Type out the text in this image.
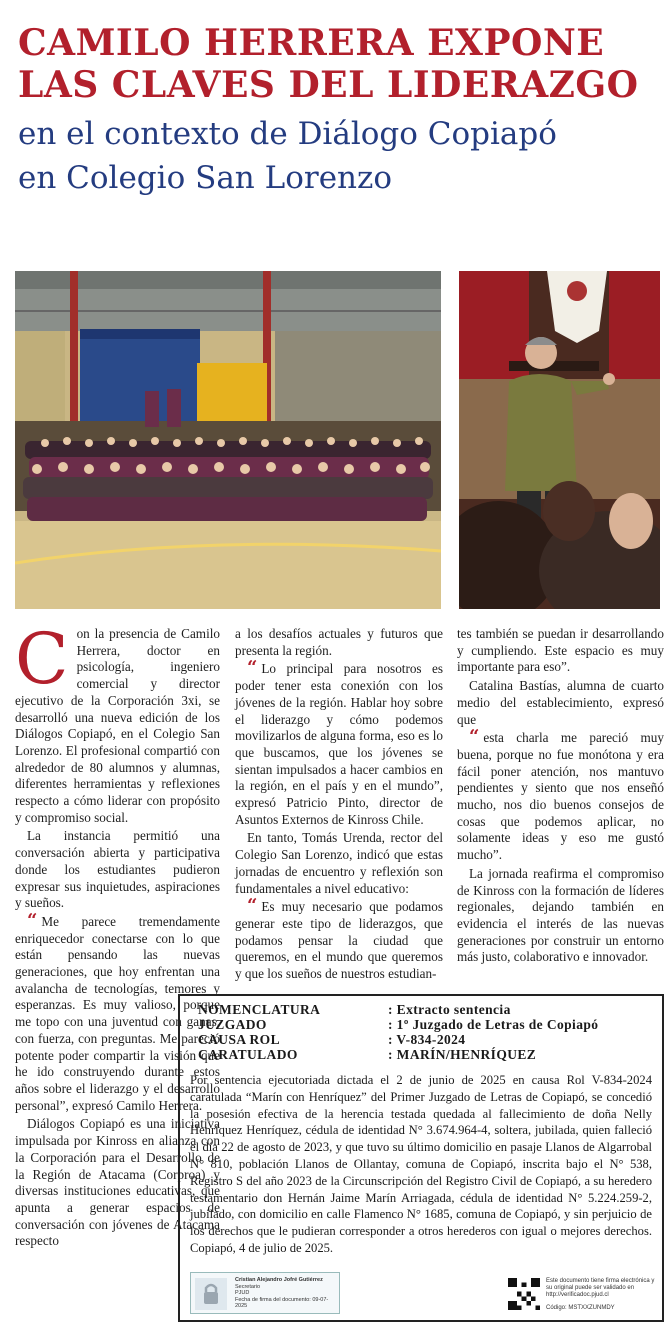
CAMILO HERRERA EXPONE
LAS CLAVES DEL LIDERAZGO
en el contexto de Diálogo Copiapó
en Colegio San Lorenzo

Con la presencia de Camilo Herrera, doctor en psicología, ingeniero comercial y director ejecutivo de la Corporación 3xi, se desarrolló una nueva edición de los Diálogos Copiapó, en el Colegio San Lorenzo. El profesional compartió con alrededor de 80 alumnos y alumnas, diferentes herramientas y reflexiones respecto a cómo liderar con propósito y compromiso social.

La instancia permitió una conversación abierta y participativa donde los estudiantes pudieron expresar sus inquietudes, aspiraciones y sueños.

“ Me parece tremendamente enriquecedor conectarse con lo que están pensando las nuevas generaciones, que hoy enfrentan una avalancha de tecnologías, temores y esperanzas. Es muy valioso, porque me topo con una juventud con ganas, con fuerza, con preguntas. Me pareció potente poder compartir la visión que he ido construyendo durante estos años sobre el liderazgo y el desarrollo personal”, expresó Camilo Herrera.

Diálogos Copiapó es una iniciativa impulsada por Kinross en alianza con la Corporación para el Desarrollo de la Región de Atacama (Corproa) y diversas instituciones educativas, que apunta a generar espacios de conversación con jóvenes de Atacama respecto

a los desafíos actuales y futuros que presenta la región.

“ Lo principal para nosotros es poder tener esta conexión con los jóvenes de la región. Hablar hoy sobre el liderazgo y cómo podemos movilizarlos de alguna forma, eso es lo que buscamos, que los jóvenes se sientan impulsados a hacer cambios en la región, en el país y en el mundo”, expresó Patricio Pinto, director de Asuntos Externos de Kinross Chile.

En tanto, Tomás Urenda, rector del Colegio San Lorenzo, indicó que estas jornadas de encuentro y reflexión son fundamentales a nivel educativo:

“ Es muy necesario que podamos generar este tipo de liderazgos, que podamos pensar la ciudad que queremos, en el mundo que queremos y que los sueños de nuestros estudian-

tes también se puedan ir desarrollando y cumpliendo. Este espacio es muy importante para eso”.

Catalina Bastías, alumna de cuarto medio del establecimiento, expresó que

“ esta charla me pareció muy buena, porque no fue monótona y era fácil poner atención, nos mantuvo pendientes y siento que nos enseñó mucho, nos dio buenos consejos de cosas que podemos aplicar, no solamente ideas y eso me gustó mucho”.

La jornada reafirma el compromiso de Kinross con la formación de líderes regionales, dejando también en evidencia el interés de las nuevas generaciones por construir un entorno más justo, colaborativo e innovador.

NOMENCLATURA	: Extracto sentencia
JUZGADO	: 1º Juzgado de Letras de Copiapó
CAUSA ROL	: V-834-2024
CARATULADO	: MARÍN/HENRÍQUEZ
Por sentencia ejecutoriada dictada el 2 de junio de 2025 en causa Rol V-834-2024 caratulada “Marín con Henríquez” del Primer Juzgado de Letras de Copiapó, se concedió la posesión efectiva de la herencia testada quedada al fallecimiento de doña Nelly Henríquez Henríquez, cédula de identidad N° 3.674.964-4, soltera, jubilada, quien falleció el día 22 de agosto de 2023, y que tuvo su último domicilio en pasaje Llanos de Algarrobal N° 810, población Llanos de Ollantay, comuna de Copiapó, inscrita bajo el N° 538, Registro S del año 2023 de la Circunscripción del Registro Civil de Copiapó, a su heredero testamentario don Hernán Jaime Marín Arriagada, cédula de identidad N° 5.224.259-2, jubilado, con domicilio en calle Flamenco N° 1685, comuna de Copiapó, y sin perjuicio de los derechos que le pudieran corresponder a otros herederos con igual o mejores derechos. Copiapó, 4 de julio de 2025.
Cristian Alejandro Jofré Gutiérrez
Secretario
PJUD
Fecha de firma del documento: 09-07-2025
Este documento tiene firma electrónica y su original puede ser validado en http://verificadoc.pjud.cl
Código: MSTXXZUNMDY
